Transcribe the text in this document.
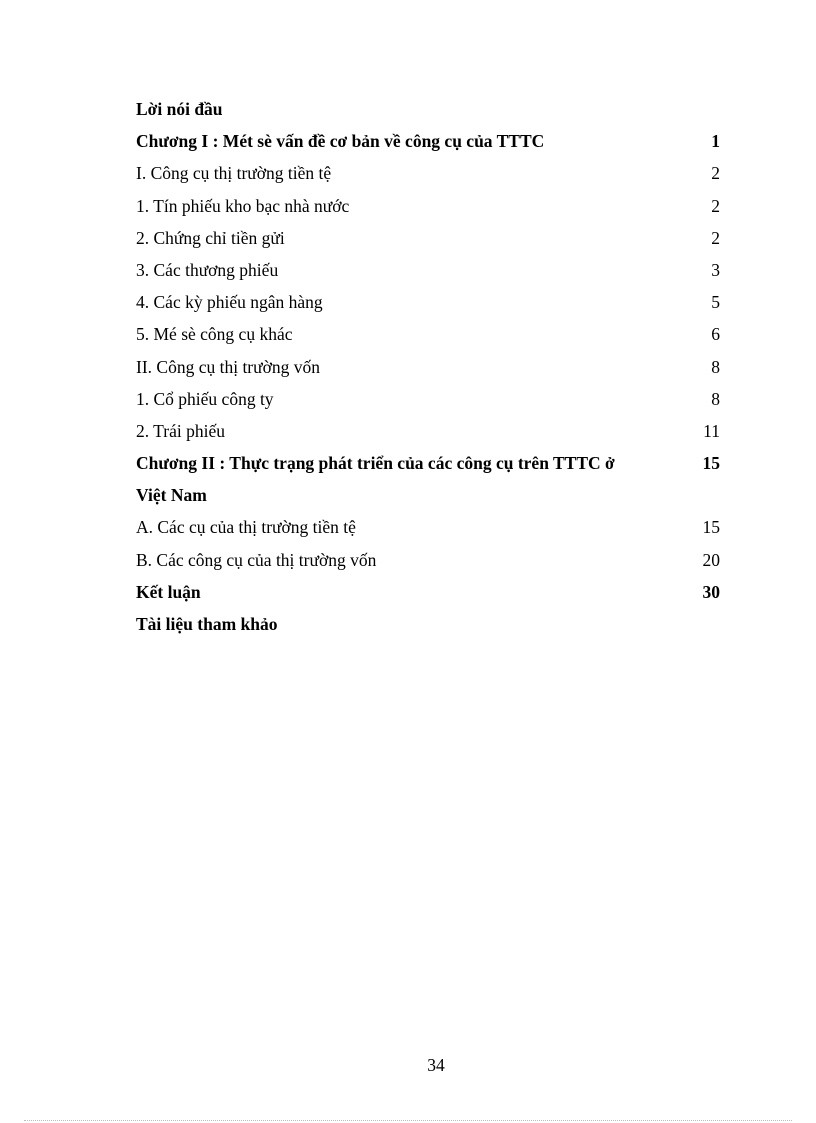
Lời nói đầu
Chương I : Mét sè vấn đề cơ bản về công cụ của TTTC	1
I. Công cụ thị trường tiền tệ	2
1. Tín phiếu kho bạc nhà nước	2
2. Chứng chỉ tiền gửi	2
3. Các thương phiếu	3
4. Các kỳ phiếu ngân hàng	5
5. Mé sè công cụ khác	6
II. Công cụ thị trường vốn	8
1. Cổ phiếu công ty	8
2. Trái phiếu	11
Chương II : Thực trạng phát triển của các công cụ trên TTTC ở	15
Việt Nam
A. Các cụ của thị trường tiền tệ	15
B. Các công cụ của thị trường vốn	20
Kết luận	30
Tài liệu tham khảo
34
